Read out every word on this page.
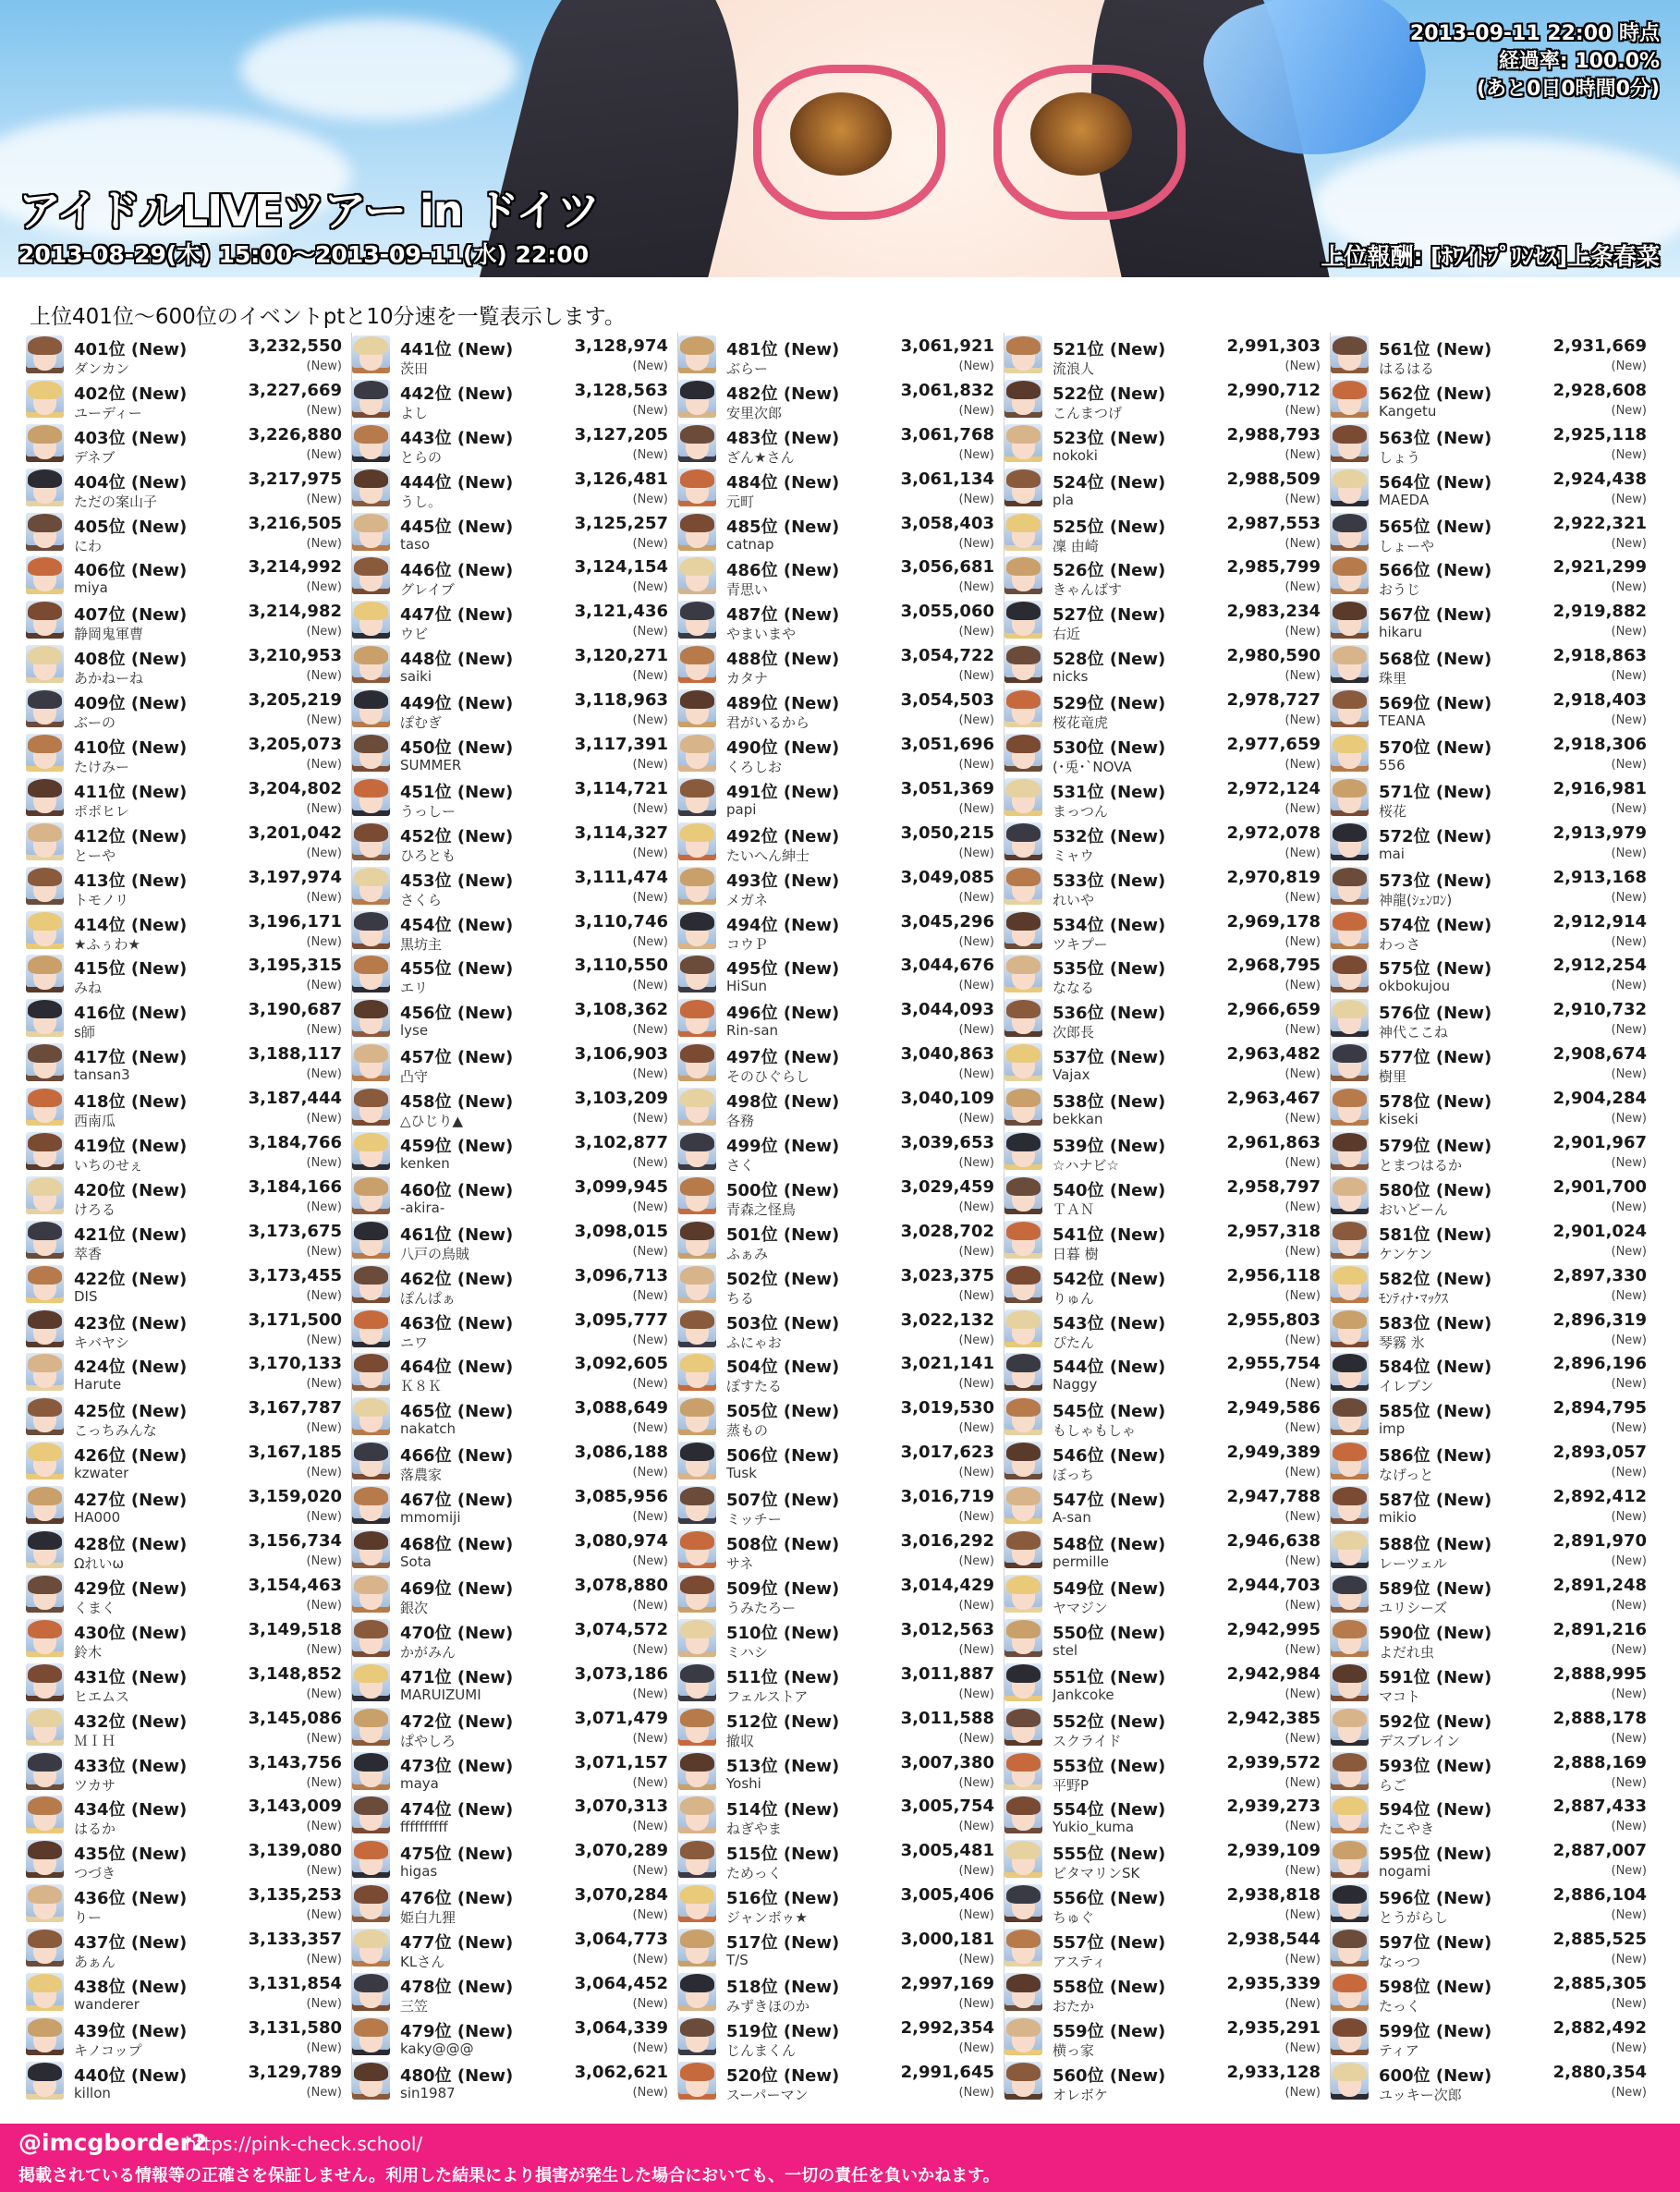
アイドルLIVEツアー in ドイツ
2013-08-29(木) 15:00～2013-09-11(水) 22:00
2013-09-11 22:00 時点
経過率: 100.0%
(あと0日0時間0分)
上位報酬: [ﾎﾜｲﾄﾌﾟﾘﾝｾｽ]上条春菜
上位401位～600位のイベントptと10分速を一覧表示します。
401位 (New)	3,232,550
ダンカン	(New)
402位 (New)	3,227,669
ユーディー	(New)
403位 (New)	3,226,880
デネブ	(New)
404位 (New)	3,217,975
ただの案山子	(New)
405位 (New)	3,216,505
にわ	(New)
406位 (New)	3,214,992
miya	(New)
407位 (New)	3,214,982
静岡鬼軍曹	(New)
408位 (New)	3,210,953
あかねーね	(New)
409位 (New)	3,205,219
ぶーの	(New)
410位 (New)	3,205,073
たけみー	(New)
411位 (New)	3,204,802
ポポヒレ	(New)
412位 (New)	3,201,042
とーや	(New)
413位 (New)	3,197,974
トモノリ	(New)
414位 (New)	3,196,171
★ふぅわ★	(New)
415位 (New)	3,195,315
みね	(New)
416位 (New)	3,190,687
s師	(New)
417位 (New)	3,188,117
tansan3	(New)
418位 (New)	3,187,444
西南瓜	(New)
419位 (New)	3,184,766
いちのせぇ	(New)
420位 (New)	3,184,166
けろる	(New)
421位 (New)	3,173,675
萃香	(New)
422位 (New)	3,173,455
DIS	(New)
423位 (New)	3,171,500
キバヤシ	(New)
424位 (New)	3,170,133
Harute	(New)
425位 (New)	3,167,787
こっちみんな	(New)
426位 (New)	3,167,185
kzwater	(New)
427位 (New)	3,159,020
HA000	(New)
428位 (New)	3,156,734
Ωれいω	(New)
429位 (New)	3,154,463
くまく	(New)
430位 (New)	3,149,518
鈴木	(New)
431位 (New)	3,148,852
ヒエムス	(New)
432位 (New)	3,145,086
ＭＩＨ	(New)
433位 (New)	3,143,756
ツカサ	(New)
434位 (New)	3,143,009
はるか	(New)
435位 (New)	3,139,080
つづき	(New)
436位 (New)	3,135,253
りー	(New)
437位 (New)	3,133,357
あぁん	(New)
438位 (New)	3,131,854
wanderer	(New)
439位 (New)	3,131,580
キノコップ	(New)
440位 (New)	3,129,789
killon	(New)
441位 (New)	3,128,974
茨田	(New)
442位 (New)	3,128,563
よし	(New)
443位 (New)	3,127,205
とらの	(New)
444位 (New)	3,126,481
うし。	(New)
445位 (New)	3,125,257
taso	(New)
446位 (New)	3,124,154
グレイブ	(New)
447位 (New)	3,121,436
ウビ	(New)
448位 (New)	3,120,271
saiki	(New)
449位 (New)	3,118,963
ぽむぎ	(New)
450位 (New)	3,117,391
SUMMER	(New)
451位 (New)	3,114,721
うっしー	(New)
452位 (New)	3,114,327
ひろとも	(New)
453位 (New)	3,111,474
さくら	(New)
454位 (New)	3,110,746
黒坊主	(New)
455位 (New)	3,110,550
エリ	(New)
456位 (New)	3,108,362
lyse	(New)
457位 (New)	3,106,903
凸守	(New)
458位 (New)	3,103,209
△ひじり▲	(New)
459位 (New)	3,102,877
kenken	(New)
460位 (New)	3,099,945
-akira-	(New)
461位 (New)	3,098,015
八戸の鳥賊	(New)
462位 (New)	3,096,713
ぽんぱぁ	(New)
463位 (New)	3,095,777
ニワ	(New)
464位 (New)	3,092,605
Ｋ８Ｋ	(New)
465位 (New)	3,088,649
nakatch	(New)
466位 (New)	3,086,188
落農家	(New)
467位 (New)	3,085,956
mmomiji	(New)
468位 (New)	3,080,974
Sota	(New)
469位 (New)	3,078,880
銀次	(New)
470位 (New)	3,074,572
かがみん	(New)
471位 (New)	3,073,186
MARUIZUMI	(New)
472位 (New)	3,071,479
ぱやしろ	(New)
473位 (New)	3,071,157
maya	(New)
474位 (New)	3,070,313
ffffffffff	(New)
475位 (New)	3,070,289
higas	(New)
476位 (New)	3,070,284
姫白九狸	(New)
477位 (New)	3,064,773
KLさん	(New)
478位 (New)	3,064,452
三笠	(New)
479位 (New)	3,064,339
kaky@@@	(New)
480位 (New)	3,062,621
sin1987	(New)
481位 (New)	3,061,921
ぶらー	(New)
482位 (New)	3,061,832
安里次郎	(New)
483位 (New)	3,061,768
ざん★さん	(New)
484位 (New)	3,061,134
元町	(New)
485位 (New)	3,058,403
catnap	(New)
486位 (New)	3,056,681
青思い	(New)
487位 (New)	3,055,060
やまいまや	(New)
488位 (New)	3,054,722
カタナ	(New)
489位 (New)	3,054,503
君がいるから	(New)
490位 (New)	3,051,696
くろしお	(New)
491位 (New)	3,051,369
papi	(New)
492位 (New)	3,050,215
たいへん紳士	(New)
493位 (New)	3,049,085
メガネ	(New)
494位 (New)	3,045,296
コウＰ	(New)
495位 (New)	3,044,676
HiSun	(New)
496位 (New)	3,044,093
Rin-san	(New)
497位 (New)	3,040,863
そのひぐらし	(New)
498位 (New)	3,040,109
各務	(New)
499位 (New)	3,039,653
さく	(New)
500位 (New)	3,029,459
青森之怪鳥	(New)
501位 (New)	3,028,702
ふぁみ	(New)
502位 (New)	3,023,375
ちる	(New)
503位 (New)	3,022,132
ふにゃお	(New)
504位 (New)	3,021,141
ぽすたる	(New)
505位 (New)	3,019,530
蒸もの	(New)
506位 (New)	3,017,623
Tusk	(New)
507位 (New)	3,016,719
ミッチー	(New)
508位 (New)	3,016,292
サネ	(New)
509位 (New)	3,014,429
うみたろー	(New)
510位 (New)	3,012,563
ミハシ	(New)
511位 (New)	3,011,887
フェルストア	(New)
512位 (New)	3,011,588
撤収	(New)
513位 (New)	3,007,380
Yoshi	(New)
514位 (New)	3,005,754
ねぎやま	(New)
515位 (New)	3,005,481
ためっく	(New)
516位 (New)	3,005,406
ジャンボゥ★	(New)
517位 (New)	3,000,181
T/S	(New)
518位 (New)	2,997,169
みずきほのか	(New)
519位 (New)	2,992,354
じんまくん	(New)
520位 (New)	2,991,645
スーパーマン	(New)
521位 (New)	2,991,303
流浪人	(New)
522位 (New)	2,990,712
こんまつげ	(New)
523位 (New)	2,988,793
nokoki	(New)
524位 (New)	2,988,509
pla	(New)
525位 (New)	2,987,553
凜 由崎	(New)
526位 (New)	2,985,799
きゃんばす	(New)
527位 (New)	2,983,234
右近	(New)
528位 (New)	2,980,590
nicks	(New)
529位 (New)	2,978,727
桜花竜虎	(New)
530位 (New)	2,977,659
(･兎･`NOVA	(New)
531位 (New)	2,972,124
まっつん	(New)
532位 (New)	2,972,078
ミャウ	(New)
533位 (New)	2,970,819
れいや	(New)
534位 (New)	2,969,178
ツキプー	(New)
535位 (New)	2,968,795
ななる	(New)
536位 (New)	2,966,659
次郎長	(New)
537位 (New)	2,963,482
Vajax	(New)
538位 (New)	2,963,467
bekkan	(New)
539位 (New)	2,961,863
☆ハナビ☆	(New)
540位 (New)	2,958,797
ＴＡＮ	(New)
541位 (New)	2,957,318
日暮 樹	(New)
542位 (New)	2,956,118
りゅん	(New)
543位 (New)	2,955,803
ぴたん	(New)
544位 (New)	2,955,754
Naggy	(New)
545位 (New)	2,949,586
もしゃもしゃ	(New)
546位 (New)	2,949,389
ぼっち	(New)
547位 (New)	2,947,788
A-san	(New)
548位 (New)	2,946,638
permille	(New)
549位 (New)	2,944,703
ヤマジン	(New)
550位 (New)	2,942,995
stel	(New)
551位 (New)	2,942,984
Jankcoke	(New)
552位 (New)	2,942,385
スクライド	(New)
553位 (New)	2,939,572
平野P	(New)
554位 (New)	2,939,273
Yukio_kuma	(New)
555位 (New)	2,939,109
ビタマリンSK	(New)
556位 (New)	2,938,818
ちゅぐ	(New)
557位 (New)	2,938,544
アスティ	(New)
558位 (New)	2,935,339
おたか	(New)
559位 (New)	2,935,291
横っ家	(New)
560位 (New)	2,933,128
オレボケ	(New)
561位 (New)	2,931,669
はるはる	(New)
562位 (New)	2,928,608
Kangetu	(New)
563位 (New)	2,925,118
しょう	(New)
564位 (New)	2,924,438
MAEDA	(New)
565位 (New)	2,922,321
しょーや	(New)
566位 (New)	2,921,299
おうじ	(New)
567位 (New)	2,919,882
hikaru	(New)
568位 (New)	2,918,863
珠里	(New)
569位 (New)	2,918,403
TEANA	(New)
570位 (New)	2,918,306
556	(New)
571位 (New)	2,916,981
桜花	(New)
572位 (New)	2,913,979
mai	(New)
573位 (New)	2,913,168
神龍(ｼｪﾝﾛﾝ)	(New)
574位 (New)	2,912,914
わっさ	(New)
575位 (New)	2,912,254
okbokujou	(New)
576位 (New)	2,910,732
神代ここね	(New)
577位 (New)	2,908,674
樹里	(New)
578位 (New)	2,904,284
kiseki	(New)
579位 (New)	2,901,967
とまつはるか	(New)
580位 (New)	2,901,700
おいどーん	(New)
581位 (New)	2,901,024
ケンケン	(New)
582位 (New)	2,897,330
ﾓﾝﾃｨﾅ･ﾏｯｸｽ	(New)
583位 (New)	2,896,319
琴霧 氷	(New)
584位 (New)	2,896,196
イレブン	(New)
585位 (New)	2,894,795
imp	(New)
586位 (New)	2,893,057
なげっと	(New)
587位 (New)	2,892,412
mikio	(New)
588位 (New)	2,891,970
レーツェル	(New)
589位 (New)	2,891,248
ユリシーズ	(New)
590位 (New)	2,891,216
よだれ虫	(New)
591位 (New)	2,888,995
マコト	(New)
592位 (New)	2,888,178
デスブレイン	(New)
593位 (New)	2,888,169
らご	(New)
594位 (New)	2,887,433
たこやき	(New)
595位 (New)	2,887,007
nogami	(New)
596位 (New)	2,886,104
とうがらし	(New)
597位 (New)	2,885,525
なっつ	(New)
598位 (New)	2,885,305
たっく	(New)
599位 (New)	2,882,492
ティア	(New)
600位 (New)	2,880,354
ユッキー次郎	(New)
@imcgborder2
https://pink-check.school/
掲載されている情報等の正確さを保証しません。利用した結果により損害が発生した場合においても、一切の責任を負いかねます。
